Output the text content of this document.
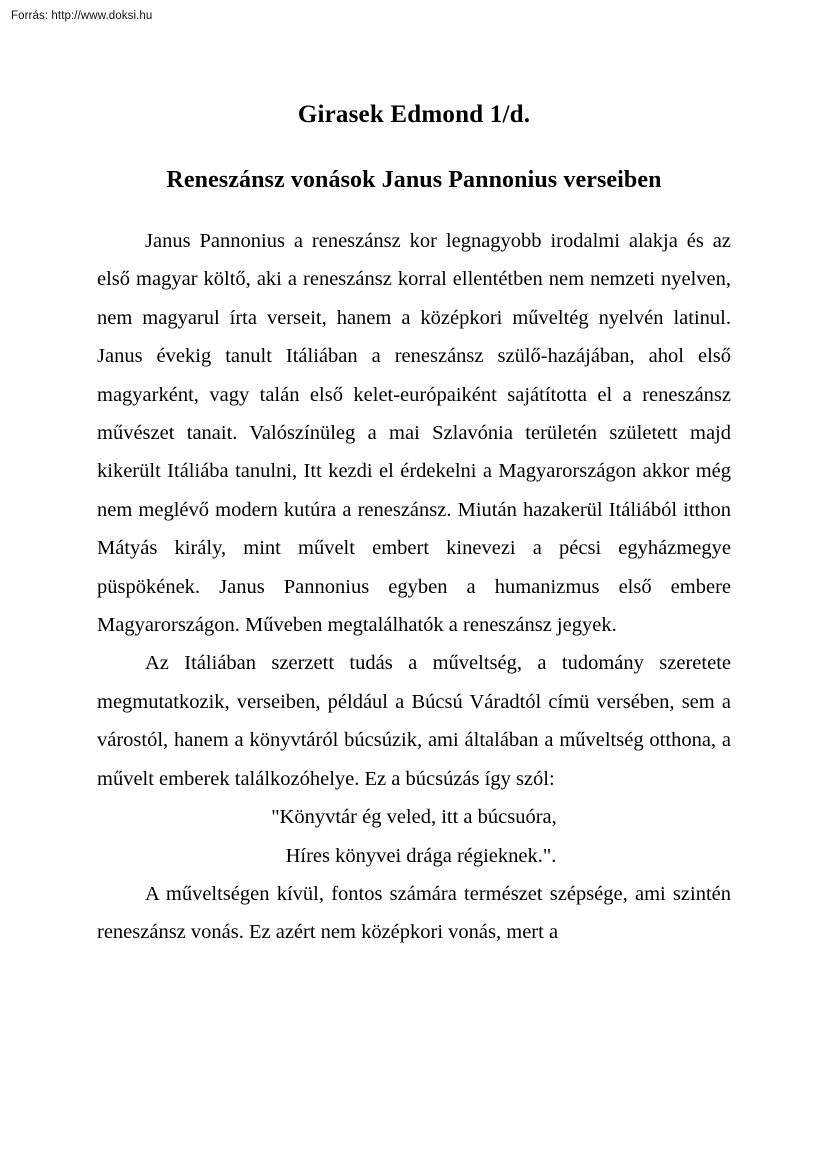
Forrás: http://www.doksi.hu
Girasek Edmond 1/d.
Reneszánsz vonások Janus Pannonius verseiben

Janus Pannonius a reneszánsz kor legnagyobb irodalmi alakja és az első magyar költő, aki a reneszánsz korral ellentétben nem nemzeti nyelven, nem magyarul írta verseit, hanem a középkori műveltég nyelvén latinul. Janus évekig tanult Itáliában a reneszánsz szülő-hazájában, ahol első magyarként, vagy talán első kelet-európaiként sajátította el a reneszánsz művészet tanait. Valószínüleg a mai Szlavónia területén született majd kikerült Itáliába tanulni, Itt kezdi el érdekelni a Magyarországon akkor még nem meglévő modern kutúra a reneszánsz. Miután hazakerül Itáliából itthon Mátyás király, mint művelt embert kinevezi a pécsi egyházmegye püspökének. Janus Pannonius egyben a humanizmus első embere Magyarországon. Műveben megtalálhatók a reneszánsz jegyek.

Az Itáliában szerzett tudás a műveltség, a tudomány szeretete megmutatkozik, verseiben, például a Búcsú Váradtól címü versében, sem a várostól, hanem a könyvtáról búcsúzik, ami általában a műveltség otthona, a művelt emberek találkozóhelye. Ez a búcsúzás így szól:

"Könyvtár ég veled, itt a búcsuóra,

Híres könyvei drága régieknek.".

A műveltségen kívül, fontos számára természet szépsége, ami szintén reneszánsz vonás. Ez azért nem középkori vonás, mert a
